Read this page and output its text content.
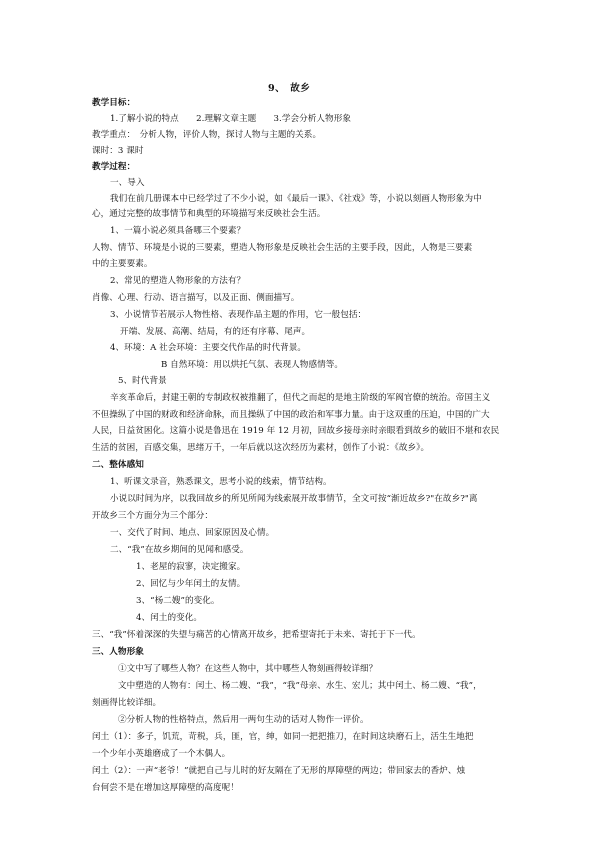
9、　故乡
教学目标：
1.了解小说的特点　　2.理解文章主题　　3.学会分析人物形象
教学重点：　分析人物，评价人物，探讨人物与主题的关系。
课时：3 课时
教学过程：
一、导入
我们在前几册课本中已经学过了不少小说，如《最后一课》、《社戏》等，小说以刻画人物形象为中
心，通过完整的故事情节和典型的环境描写来反映社会生活。
1、一篇小说必须具备哪三个要素？
人物、情节、环境是小说的三要素，塑造人物形象是反映社会生活的主要手段，因此，人物是三要素
中的主要要素。
2、常见的塑造人物形象的方法有？
肖像、心理、行动、语言描写，以及正面、侧面描写。
3、小说情节若展示人物性格、表现作品主题的作用，它一般包括：
开端、发展、高潮、结局，有的还有序幕、尾声。
4、环境：A 社会环境：主要交代作品的时代背景。
B 自然环境：用以烘托气氛、表现人物感情等。
5、时代背景
辛亥革命后，封建王朝的专制政权被推翻了，但代之而起的是地主阶级的军阀官僚的统治。帝国主义
不但操纵了中国的财政和经济命脉，而且操纵了中国的政治和军事力量。由于这双重的压迫，中国的广大
人民，日益贫困化。这篇小说是鲁迅在 1919 年 12 月初，回故乡接母亲时亲眼看到故乡的破旧不堪和农民
生活的贫困，百感交集，思绪万千，一年后就以这次经历为素材，创作了小说：《故乡》。
二、整体感知
1、听课文录音，熟悉课文，思考小说的线索，情节结构。
小说以时间为序，以我回故乡的所见所闻为线索展开故事情节，全文可按“渐近故乡?"在故乡?"离
开故乡三个方面分为三个部分：
一、交代了时间、地点、回家原因及心情。
二、“我”在故乡期间的见闻和感受。
1、老屋的寂寥，决定搬家。
2、回忆与少年闰土的友情。
3、“杨二嫂”的变化。
4、闰土的变化。
三、“我”怀着深深的失望与痛苦的心情离开故乡，把希望寄托于未来、寄托于下一代。
三、人物形象
①文中写了哪些人物？在这些人物中，其中哪些人物刻画得较详细？
文中塑造的人物有：闰土、杨二嫂、“我”，“我”母亲、水生、宏儿；其中闰土、杨二嫂、“我”，
刻画得比较详细。
②分析人物的性格特点，然后用一两句生动的话对人物作一评价。
闰土（1）：多子，饥荒，苛税，兵，匪，官，绅，如同一把把推刀，在时间这块磨石上，活生生地把
一个少年小英雄磨成了一个木偶人。
闰土（2）：一声“老爷！”就把自己与儿时的好友隔在了无形的厚障壁的两边；带回家去的香炉、烛
台何尝不是在增加这厚障壁的高度呢！
